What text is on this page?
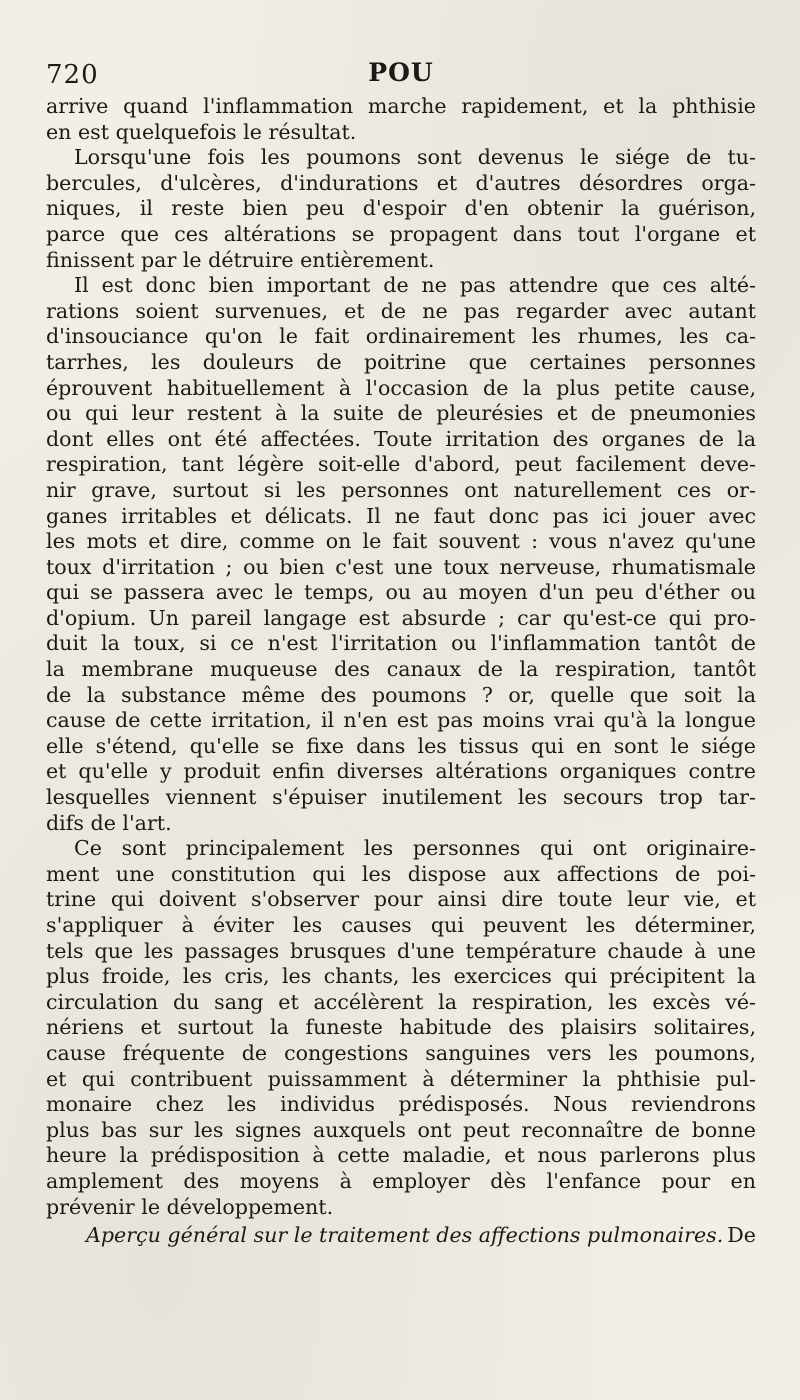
720	POU
arrive quand l'inflammation marche rapidement, et la phthisie
en est quelquefois le résultat.
Lorsqu'une fois les poumons sont devenus le siége de tu-
bercules, d'ulcères, d'indurations et d'autres désordres orga-
niques, il reste bien peu d'espoir d'en obtenir la guérison,
parce que ces altérations se propagent dans tout l'organe et
finissent par le détruire entièrement.
Il est donc bien important de ne pas attendre que ces alté-
rations soient survenues, et de ne pas regarder avec autant
d'insouciance qu'on le fait ordinairement les rhumes, les ca-
tarrhes, les douleurs de poitrine que certaines personnes
éprouvent habituellement à l'occasion de la plus petite cause,
ou qui leur restent à la suite de pleurésies et de pneumonies
dont elles ont été affectées. Toute irritation des organes de la
respiration, tant légère soit-elle d'abord, peut facilement deve-
nir grave, surtout si les personnes ont naturellement ces or-
ganes irritables et délicats. Il ne faut donc pas ici jouer avec
les mots et dire, comme on le fait souvent : vous n'avez qu'une
toux d'irritation ; ou bien c'est une toux nerveuse, rhumatismale
qui se passera avec le temps, ou au moyen d'un peu d'éther ou
d'opium. Un pareil langage est absurde ; car qu'est-ce qui pro-
duit la toux, si ce n'est l'irritation ou l'inflammation tantôt de
la membrane muqueuse des canaux de la respiration, tantôt
de la substance même des poumons ? or, quelle que soit la
cause de cette irritation, il n'en est pas moins vrai qu'à la longue
elle s'étend, qu'elle se fixe dans les tissus qui en sont le siége
et qu'elle y produit enfin diverses altérations organiques contre
lesquelles viennent s'épuiser inutilement les secours trop tar-
difs de l'art.
Ce sont principalement les personnes qui ont originaire-
ment une constitution qui les dispose aux affections de poi-
trine qui doivent s'observer pour ainsi dire toute leur vie, et
s'appliquer à éviter les causes qui peuvent les déterminer,
tels que les passages brusques d'une température chaude à une
plus froide, les cris, les chants, les exercices qui précipitent la
circulation du sang et accélèrent la respiration, les excès vé-
nériens et surtout la funeste habitude des plaisirs solitaires,
cause fréquente de congestions sanguines vers les poumons,
et qui contribuent puissamment à déterminer la phthisie pul-
monaire chez les individus prédisposés. Nous reviendrons
plus bas sur les signes auxquels ont peut reconnaître de bonne
heure la prédisposition à cette maladie, et nous parlerons plus
amplement des moyens à employer dès l'enfance pour en
prévenir le développement.
Aperçu général sur le traitement des affections pulmonaires. De
